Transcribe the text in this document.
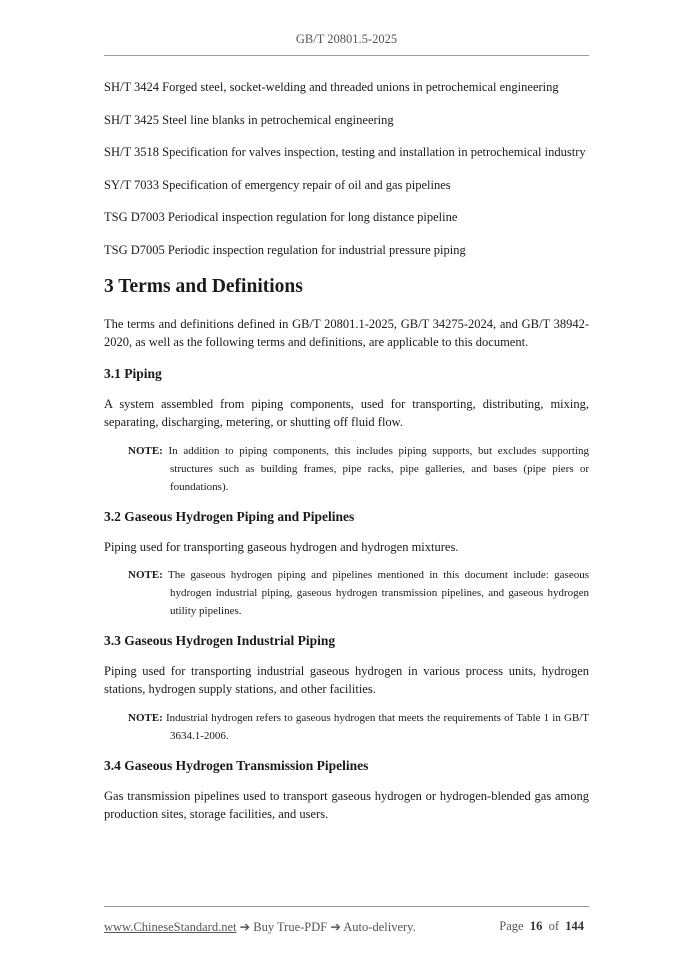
GB/T 20801.5-2025

SH/T 3424 Forged steel, socket-welding and threaded unions in petrochemical engineering

SH/T 3425 Steel line blanks in petrochemical engineering

SH/T 3518 Specification for valves inspection, testing and installation in petrochemical industry

SY/T 7033 Specification of emergency repair of oil and gas pipelines

TSG D7003 Periodical inspection regulation for long distance pipeline

TSG D7005 Periodic inspection regulation for industrial pressure piping

3 Terms and Definitions

The terms and definitions defined in GB/T 20801.1-2025, GB/T 34275-2024, and GB/T 38942-2020, as well as the following terms and definitions, are applicable to this document.

3.1 Piping

A system assembled from piping components, used for transporting, distributing, mixing, separating, discharging, metering, or shutting off fluid flow.

NOTE: In addition to piping components, this includes piping supports, but excludes supporting structures such as building frames, pipe racks, pipe galleries, and bases (pipe piers or foundations).
3.2 Gaseous Hydrogen Piping and Pipelines

Piping used for transporting gaseous hydrogen and hydrogen mixtures.

NOTE: The gaseous hydrogen piping and pipelines mentioned in this document include: gaseous hydrogen industrial piping, gaseous hydrogen transmission pipelines, and gaseous hydrogen utility pipelines.
3.3 Gaseous Hydrogen Industrial Piping

Piping used for transporting industrial gaseous hydrogen in various process units, hydrogen stations, hydrogen supply stations, and other facilities.

NOTE: Industrial hydrogen refers to gaseous hydrogen that meets the requirements of Table 1 in GB/T 3634.1-2006.
3.4 Gaseous Hydrogen Transmission Pipelines

Gas transmission pipelines used to transport gaseous hydrogen or hydrogen-blended gas among production sites, storage facilities, and users.

www.ChineseStandard.net ➔ Buy True-PDF ➔ Auto-delivery.	Page 16 of 144
